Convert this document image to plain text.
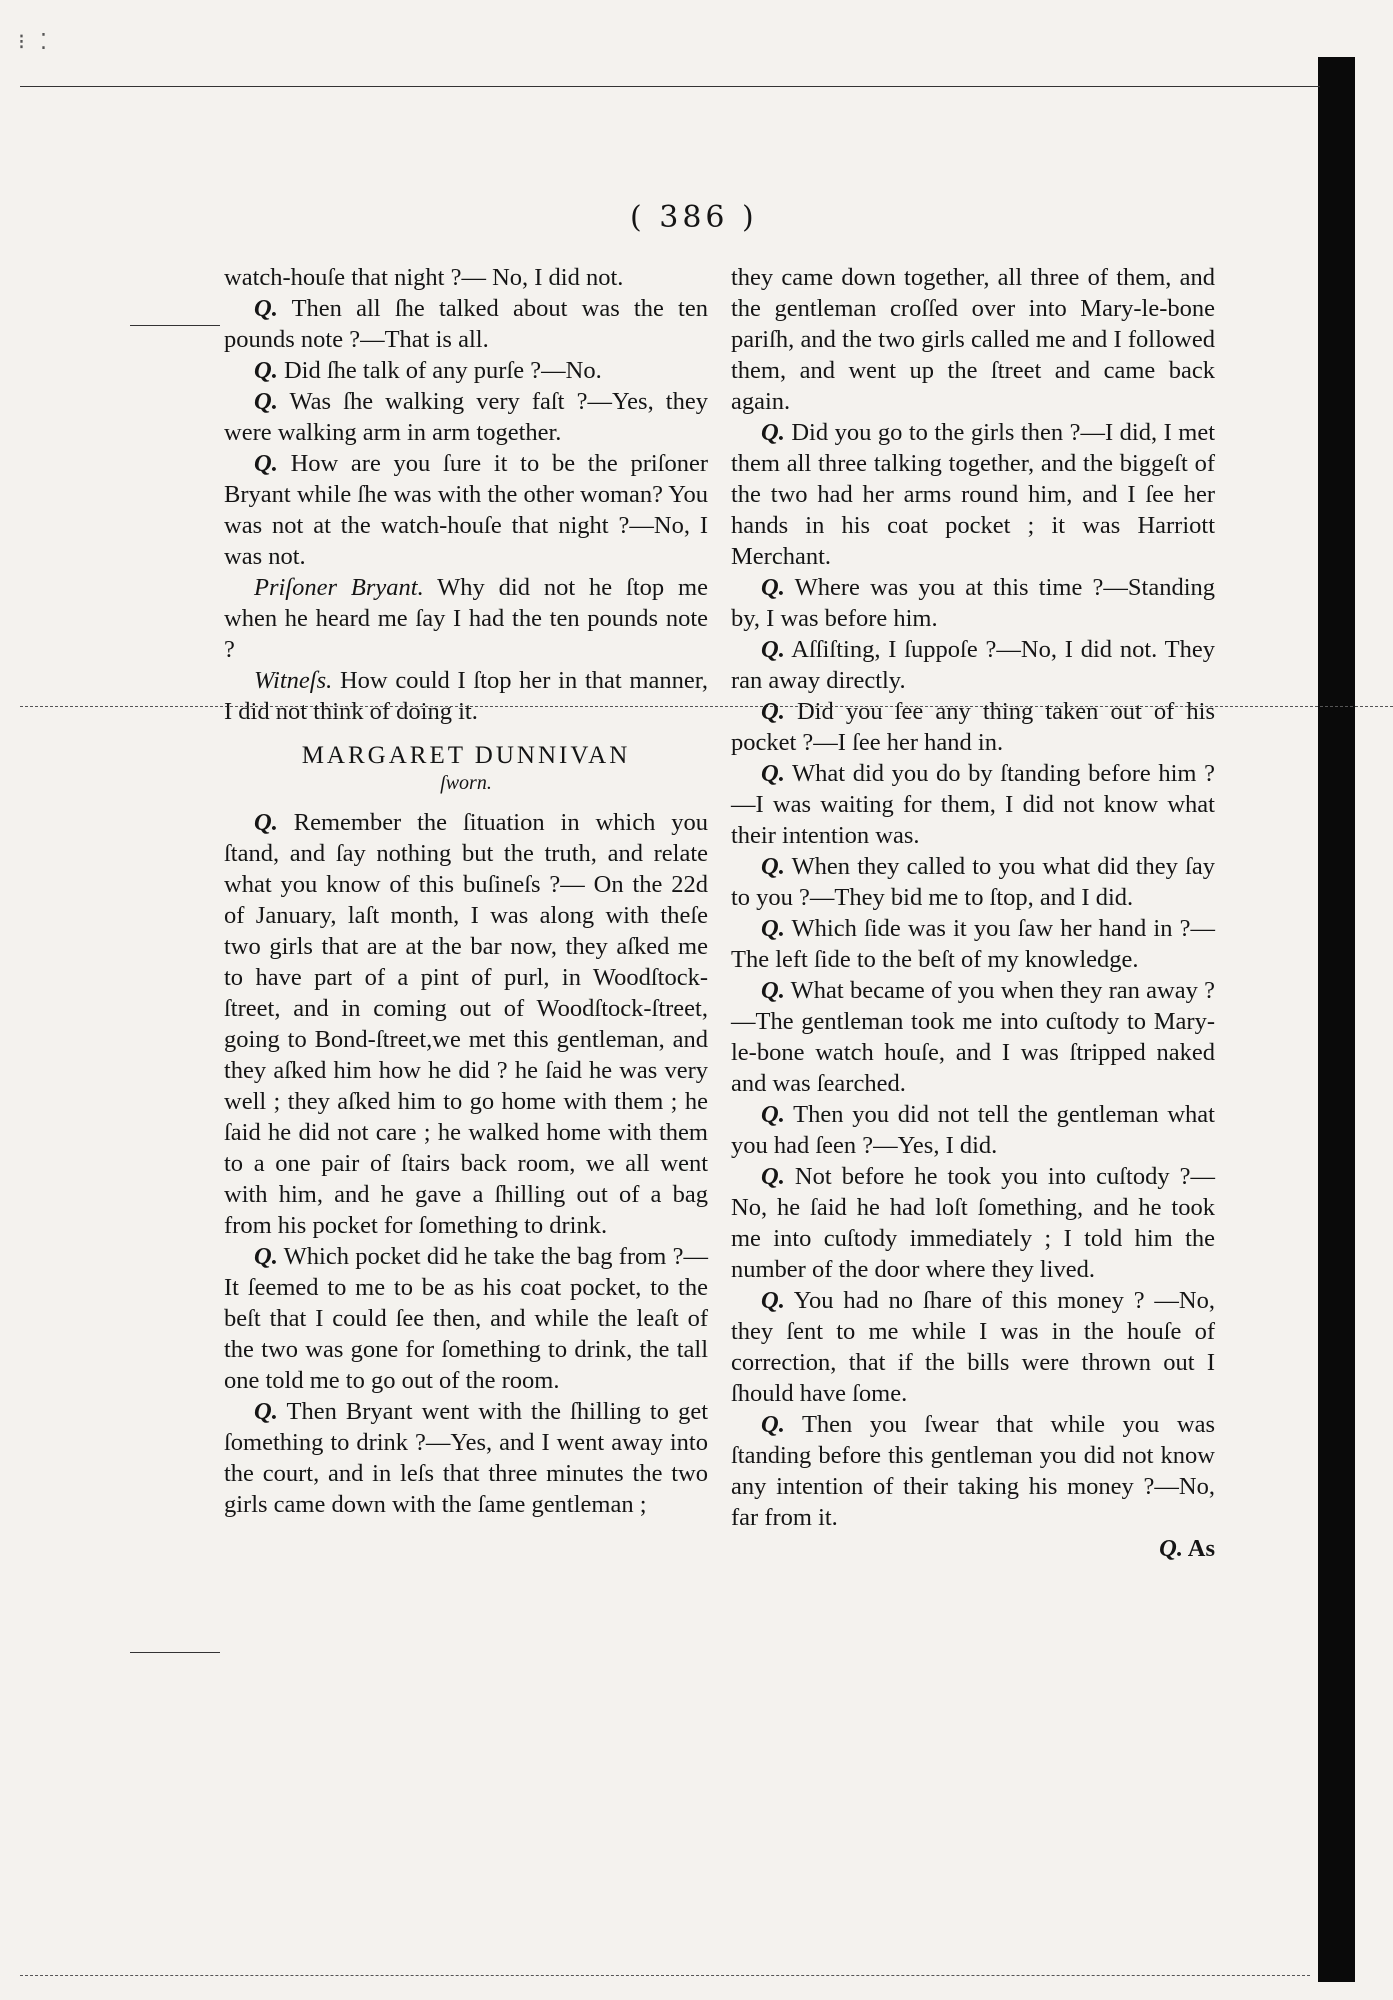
⁝ ⁚
( 386 )

watch-houſe that night ?— No, I did not.

Q. Then all ſhe talked about was the ten pounds note ?—That is all.

Q. Did ſhe talk of any purſe ?—No.

Q. Was ſhe walking very faſt ?—Yes, they were walking arm in arm together.

Q. How are you ſure it to be the priſoner Bryant while ſhe was with the other woman? You was not at the watch-houſe that night ?—No, I was not.

Priſoner Bryant. Why did not he ſtop me when he heard me ſay I had the ten pounds note ?

Witneſs. How could I ſtop her in that manner, I did not think of doing it.

MARGARET DUNNIVAN

ſworn.

Q. Remember the ſituation in which you ſtand, and ſay nothing but the truth, and relate what you know of this buſineſs ?— On the 22d of January, laſt month, I was along with theſe two girls that are at the bar now, they aſked me to have part of a pint of purl, in Woodſtock-ſtreet, and in coming out of Woodſtock-ſtreet, going to Bond-ſtreet,we met this gentleman, and they aſked him how he did ? he ſaid he was very well ; they aſked him to go home with them ; he ſaid he did not care ; he walked home with them to a one pair of ſtairs back room, we all went with him, and he gave a ſhilling out of a bag from his pocket for ſomething to drink.

Q. Which pocket did he take the bag from ?—It ſeemed to me to be as his coat pocket, to the beſt that I could ſee then, and while the leaſt of the two was gone for ſomething to drink, the tall one told me to go out of the room.

Q. Then Bryant went with the ſhilling to get ſomething to drink ?—Yes, and I went away into the court, and in leſs that three minutes the two girls came down with the ſame gentleman ;

they came down together, all three of them, and the gentleman croſſed over into Mary-le-bone pariſh, and the two girls called me and I followed them, and went up the ſtreet and came back again.

Q. Did you go to the girls then ?—I did, I met them all three talking together, and the biggeſt of the two had her arms round him, and I ſee her hands in his coat pocket ; it was Harriott Merchant.

Q. Where was you at this time ?—Standing by, I was before him.

Q. Aſſiſting, I ſuppoſe ?—No, I did not. They ran away directly.

Q. Did you ſee any thing taken out of his pocket ?—I ſee her hand in.

Q. What did you do by ſtanding before him ?—I was waiting for them, I did not know what their intention was.

Q. When they called to you what did they ſay to you ?—They bid me to ſtop, and I did.

Q. Which ſide was it you ſaw her hand in ?—The left ſide to the beſt of my knowledge.

Q. What became of you when they ran away ?—The gentleman took me into cuſtody to Mary-le-bone watch houſe, and I was ſtripped naked and was ſearched.

Q. Then you did not tell the gentleman what you had ſeen ?—Yes, I did.

Q. Not before he took you into cuſtody ?—No, he ſaid he had loſt ſomething, and he took me into cuſtody immediately ; I told him the number of the door where they lived.

Q. You had no ſhare of this money ? —No, they ſent to me while I was in the houſe of correction, that if the bills were thrown out I ſhould have ſome.

Q. Then you ſwear that while you was ſtanding before this gentleman you did not know any intention of their taking his money ?—No, far from it.

Q. As
